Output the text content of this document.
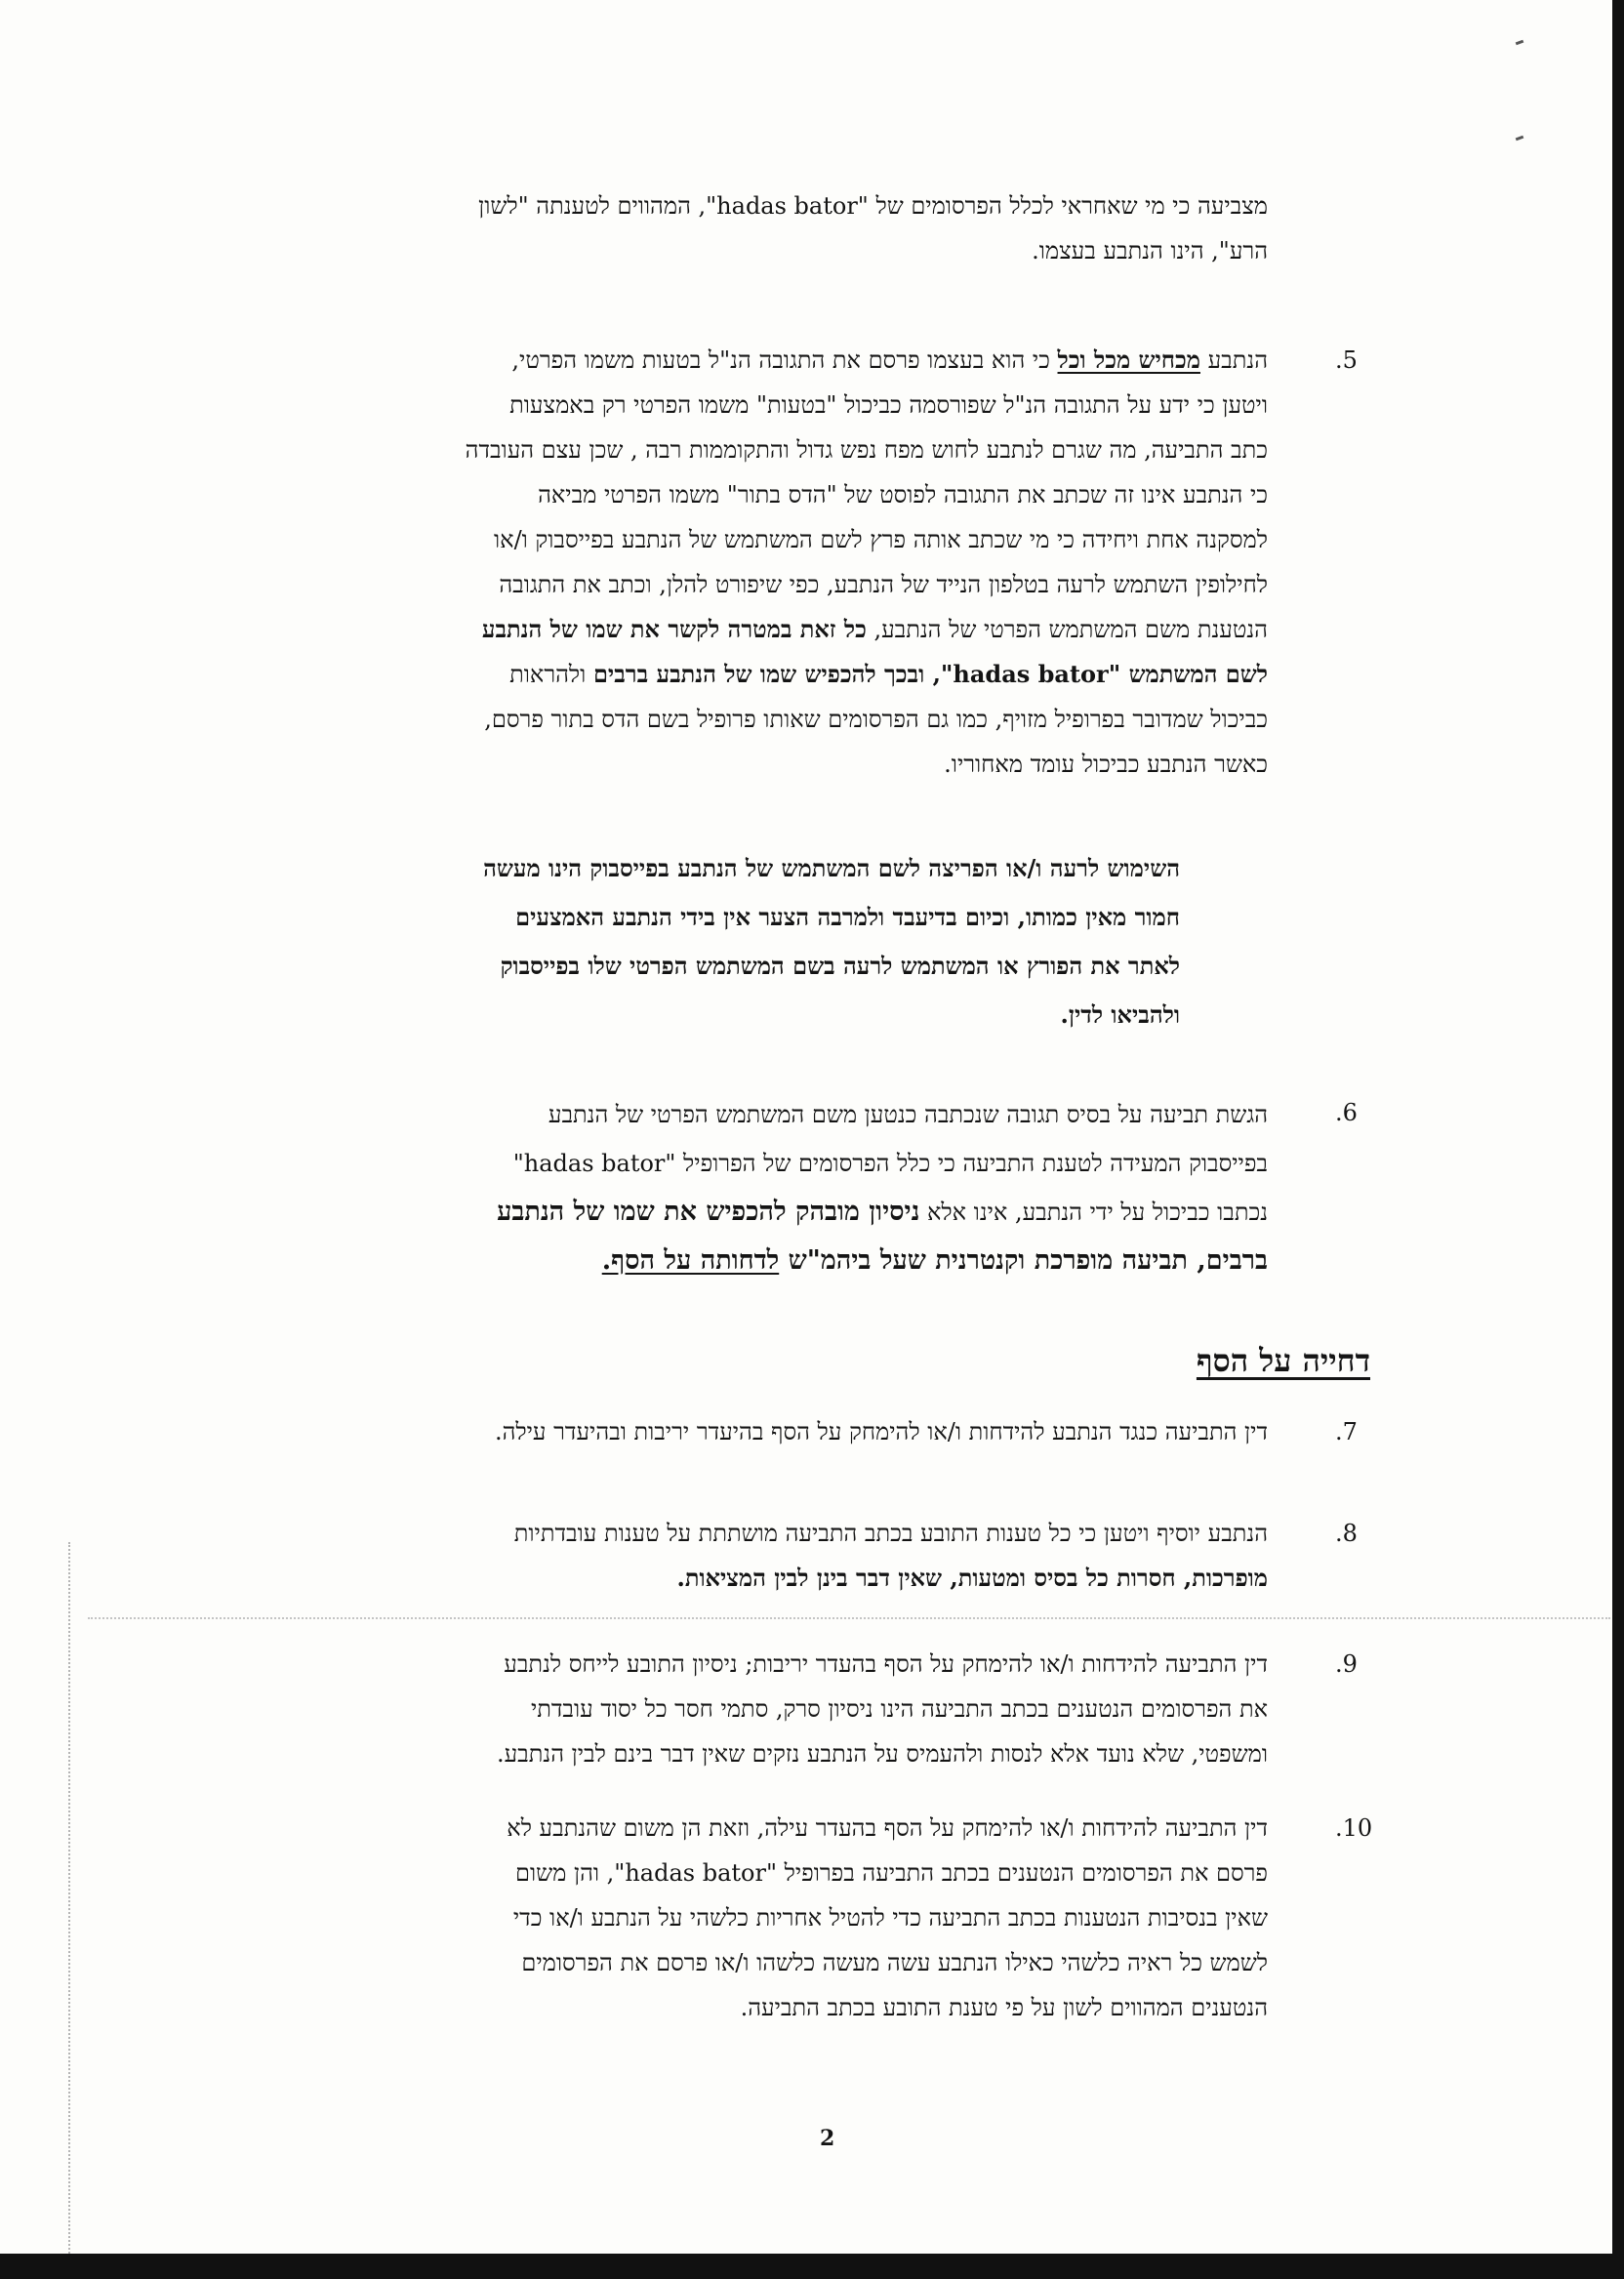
מצביעה כי מי שאחראי לכלל הפרסומים של "hadas bator", המהווים לטענתה "לשון

הרע", הינו הנתבע בעצמו.

.5

הנתבע מכחיש מכל וכל כי הוא בעצמו פרסם את התגובה הנ"ל בטעות משמו הפרטי,

ויטען כי ידע על התגובה הנ"ל שפורסמה כביכול "בטעות" משמו הפרטי רק באמצעות

כתב התביעה, מה שגרם לנתבע לחוש מפח נפש גדול והתקוממות רבה , שכן עצם העובדה

כי הנתבע אינו זה שכתב את התגובה לפוסט של "הדס בתור" משמו הפרטי מביאה

למסקנה אחת ויחידה כי מי שכתב אותה פרץ לשם המשתמש של הנתבע בפייסבוק ו/או

לחילופין השתמש לרעה בטלפון הנייד של הנתבע, כפי שיפורט להלן, וכתב את התגובה

הנטענת משם המשתמש הפרטי של הנתבע, כל זאת במטרה לקשר את שמו של הנתבע

לשם המשתמש "hadas bator", ובכך להכפיש שמו של הנתבע ברבים ולהראות

כביכול שמדובר בפרופיל מזויף, כמו גם הפרסומים שאותו פרופיל בשם הדס בתור פרסם,

כאשר הנתבע כביכול עומד מאחוריו.

השימוש לרעה ו/או הפריצה לשם המשתמש של הנתבע בפייסבוק הינו מעשה

חמור מאין כמותו, וכיום בדיעבד ולמרבה הצער אין בידי הנתבע האמצעים

לאתר את הפורץ או המשתמש לרעה בשם המשתמש הפרטי שלו בפייסבוק

ולהביאו לדין.

.6

הגשת תביעה על בסיס תגובה שנכתבה כנטען משם המשתמש הפרטי של הנתבע

בפייסבוק המעידה לטענת התביעה כי כלל הפרסומים של הפרופיל "hadas bator"

נכתבו כביכול על ידי הנתבע, אינו אלא ניסיון מובהק להכפיש את שמו של הנתבע

ברבים, תביעה מופרכת וקנטרנית שעל ביהמ"ש לדחותה על הסף.

דחייה על הסף
.7

דין התביעה כנגד הנתבע להידחות ו/או להימחק על הסף בהיעדר יריבות ובהיעדר עילה.

.8

הנתבע יוסיף ויטען כי כל טענות התובע בכתב התביעה מושתתת על טענות עובדתיות

מופרכות, חסרות כל בסיס ומטעות, שאין דבר בינן לבין המציאות.

.9

דין התביעה להידחות ו/או להימחק על הסף בהעדר יריבות; ניסיון התובע לייחס לנתבע

את הפרסומים הנטענים בכתב התביעה הינו ניסיון סרק, סתמי חסר כל יסוד עובדתי

ומשפטי, שלא נועד אלא לנסות ולהעמיס על הנתבע נזקים שאין דבר בינם לבין הנתבע.

.10

דין התביעה להידחות ו/או להימחק על הסף בהעדר עילה, וזאת הן משום שהנתבע לא

פרסם את הפרסומים הנטענים בכתב התביעה בפרופיל "hadas bator", והן משום

שאין בנסיבות הנטענות בכתב התביעה כדי להטיל אחריות כלשהי על הנתבע ו/או כדי

לשמש כל ראיה כלשהי כאילו הנתבע עשה מעשה כלשהו ו/או פרסם את הפרסומים

הנטענים המהווים לשון על פי טענת התובע בכתב התביעה.

2
